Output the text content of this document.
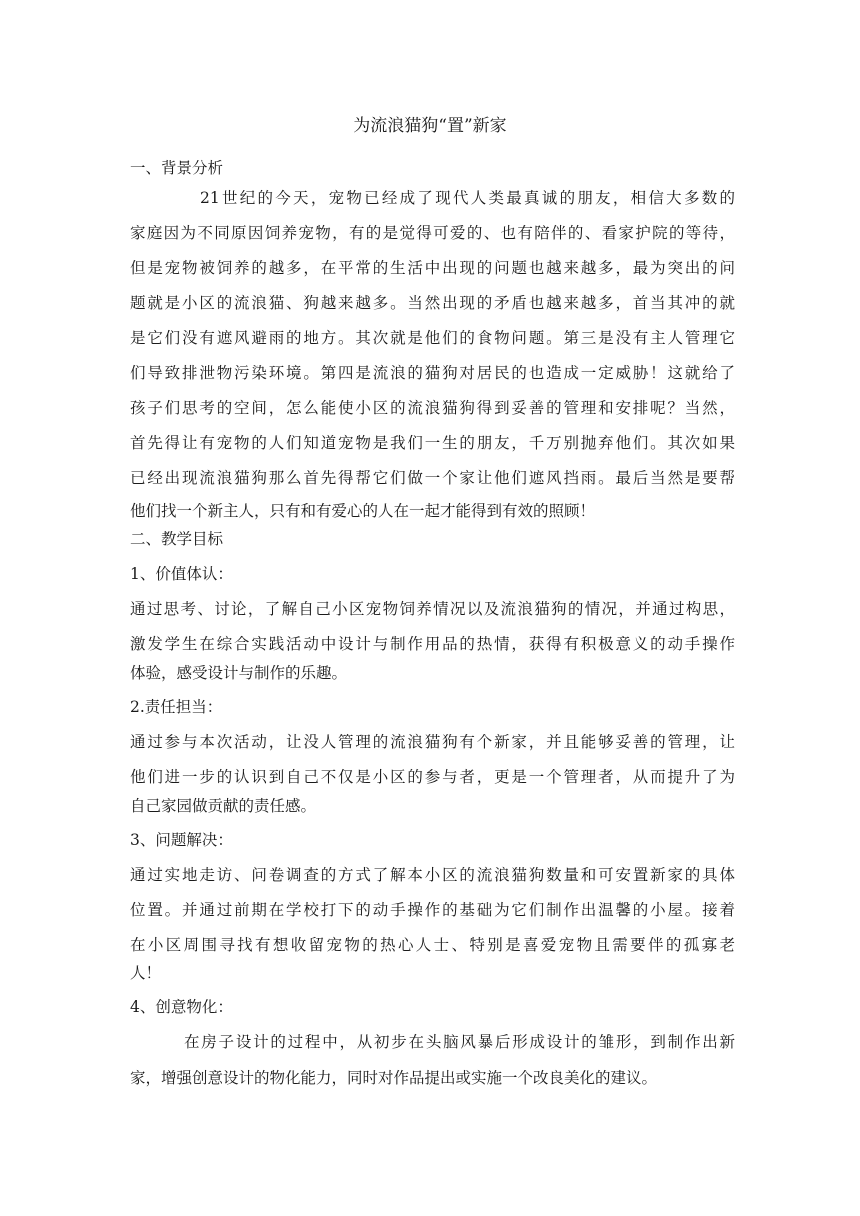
为流浪猫狗“置”新家
一、背景分析
21世纪的今天，宠物已经成了现代人类最真诚的朋友，相信大多数的
家庭因为不同原因饲养宠物，有的是觉得可爱的、也有陪伴的、看家护院的等待，
但是宠物被饲养的越多，在平常的生活中出现的问题也越来越多，最为突出的问
题就是小区的流浪猫、狗越来越多。当然出现的矛盾也越来越多，首当其冲的就
是它们没有遮风避雨的地方。其次就是他们的食物问题。第三是没有主人管理它
们导致排泄物污染环境。第四是流浪的猫狗对居民的也造成一定威胁！这就给了
孩子们思考的空间，怎么能使小区的流浪猫狗得到妥善的管理和安排呢？当然，
首先得让有宠物的人们知道宠物是我们一生的朋友，千万别抛弃他们。其次如果
已经出现流浪猫狗那么首先得帮它们做一个家让他们遮风挡雨。最后当然是要帮
他们找一个新主人，只有和有爱心的人在一起才能得到有效的照顾！
二、教学目标
1、价值体认：
通过思考、讨论，了解自己小区宠物饲养情况以及流浪猫狗的情况，并通过构思，
激发学生在综合实践活动中设计与制作用品的热情，获得有积极意义的动手操作
体验，感受设计与制作的乐趣。
2.责任担当：
通过参与本次活动，让没人管理的流浪猫狗有个新家，并且能够妥善的管理，让
他们进一步的认识到自己不仅是小区的参与者，更是一个管理者，从而提升了为
自己家园做贡献的责任感。
3、问题解决：
通过实地走访、问卷调查的方式了解本小区的流浪猫狗数量和可安置新家的具体
位置。并通过前期在学校打下的动手操作的基础为它们制作出温馨的小屋。接着
在小区周围寻找有想收留宠物的热心人士、特别是喜爱宠物且需要伴的孤寡老
人！
4、创意物化：
在房子设计的过程中，从初步在头脑风暴后形成设计的雏形，到制作出新
家，增强创意设计的物化能力，同时对作品提出或实施一个改良美化的建议。
